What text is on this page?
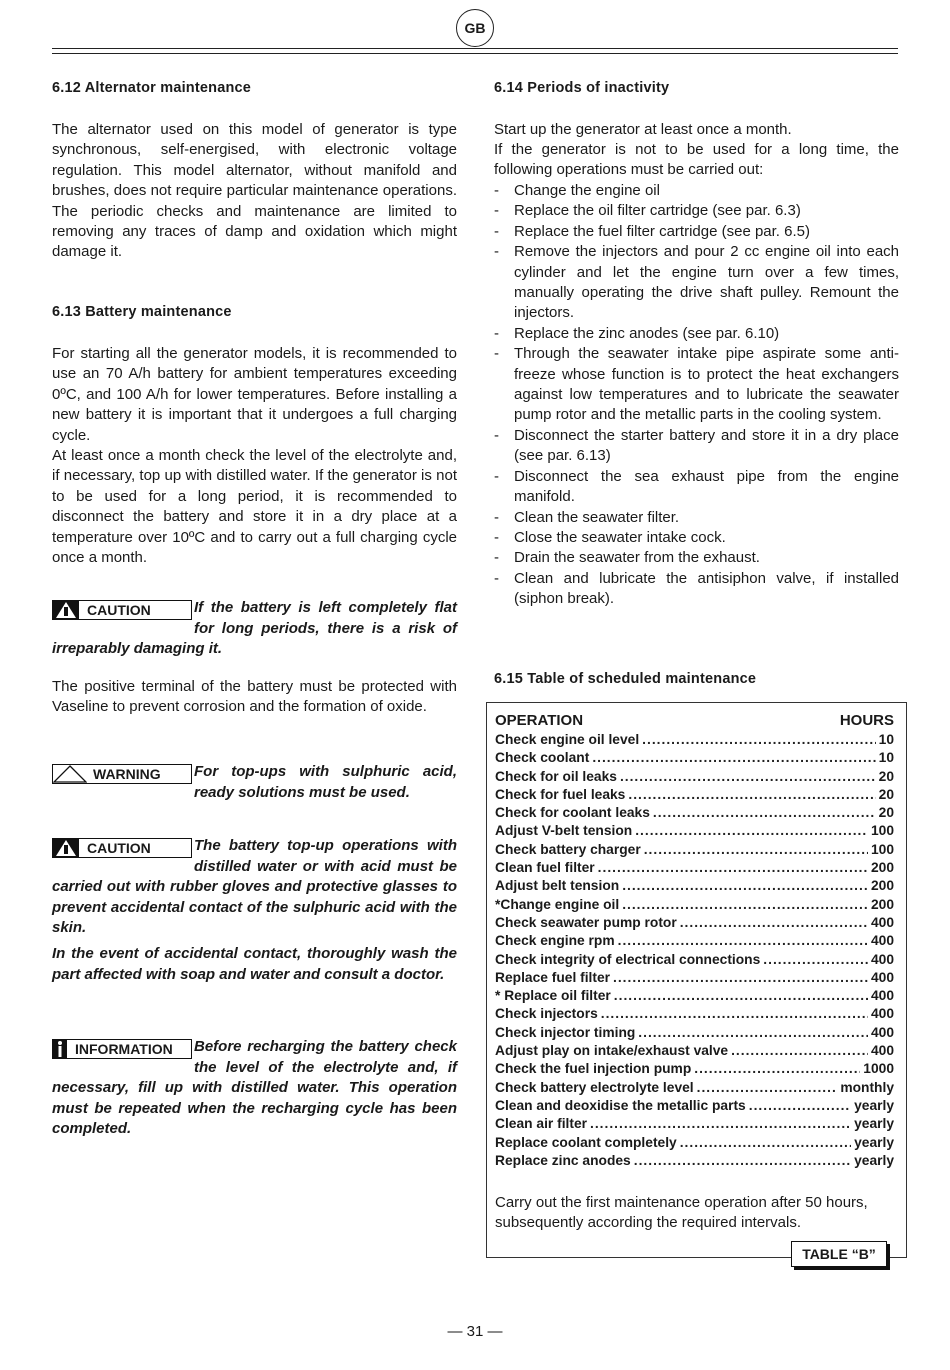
GB
6.12 Alternator maintenance
The alternator used on this model of generator is type synchronous, self-energised, with electronic voltage regulation. This model alternator, without manifold and brushes, does not require particular maintenance operations. The periodic checks and maintenance are limited to removing any traces of damp and oxidation which might damage it.
6.13 Battery maintenance
For starting all the generator models, it is recommended to use an 70 A/h battery for ambient temperatures exceeding 0ºC, and 100 A/h for lower temperatures. Before installing a new battery it is important that it undergoes a full charging cycle.
At least once a month check the level of the electrolyte and, if necessary, top up with distilled water. If the generator is not to be used for a long period, it is recommended to disconnect the battery and store it in a dry place at a temperature over 10ºC and to carry out a full charging cycle once a month.
CAUTION	If the battery is left completely flat for long periods, there is a risk of irreparably damaging it.
The positive terminal of the battery must be protected with Vaseline to prevent corrosion and the formation of oxide.
WARNING For top-ups with sulphuric acid, ready solutions must be used.
CAUTION	The battery top-up operations with distilled water or with acid must be carried out with rubber gloves and protective glasses to prevent accidental contact of the sulphuric acid with the skin.
In the event of accidental contact, thoroughly wash the part affected with soap and water and consult a doctor.
INFORMATION Before recharging the battery check the level of the electrolyte and, if necessary, fill up with distilled water. This operation must be repeated when the recharging cycle has been completed.
6.14 Periods of inactivity
Start up the generator at least once a month.
If the generator is not to be used for a long time, the following operations must be carried out:
- Change the engine oil
- Replace the oil filter cartridge (see par. 6.3)
- Replace the fuel filter cartridge (see par. 6.5)
- Remove the injectors and pour 2 cc engine oil into each cylinder and let the engine turn over a few times, manually operating the drive shaft pulley. Remount the injectors.
- Replace the zinc anodes (see par. 6.10)
- Through the seawater intake pipe aspirate some anti-freeze whose function is to protect the heat exchangers against low temperatures and to lubricate the seawater pump rotor and the metallic parts in the cooling system.
- Disconnect the starter battery and store it in a dry place (see par. 6.13)
- Disconnect the sea exhaust pipe from the engine manifold.
- Clean the seawater filter.
- Close the seawater intake cock.
- Drain the seawater from the exhaust.
- Clean and lubricate the antisiphon valve, if installed (siphon break).
6.15 Table of scheduled maintenance
OPERATION	HOURS
Check engine oil level .....	10
Check coolant .....	10
Check for oil leaks .....	20
Check for fuel leaks .....	20
Check for coolant leaks .....	20
Adjust V-belt tension .....	100
Check battery charger .....	100
Clean fuel filter .....	200
Adjust belt tension .....	200
*Change engine oil .....	200
Check seawater pump rotor .....	400
Check engine rpm .....	400
Check integrity of electrical connections .....	400
Replace fuel filter .....	400
* Replace oil filter .....	400
Check injectors .....	400
Check injector timing .....	400
Adjust play on intake/exhaust valve .....	400
Check the fuel injection pump .....	1000
Check battery electrolyte level .....	monthly
Clean and deoxidise the metallic parts .....	yearly
Clean air filter .....	yearly
Replace coolant completely .....	yearly
Replace zinc anodes .....	yearly
Carry out the first maintenance operation after 50 hours, subsequently according the required intervals.
TABLE “B”
— 31 —
